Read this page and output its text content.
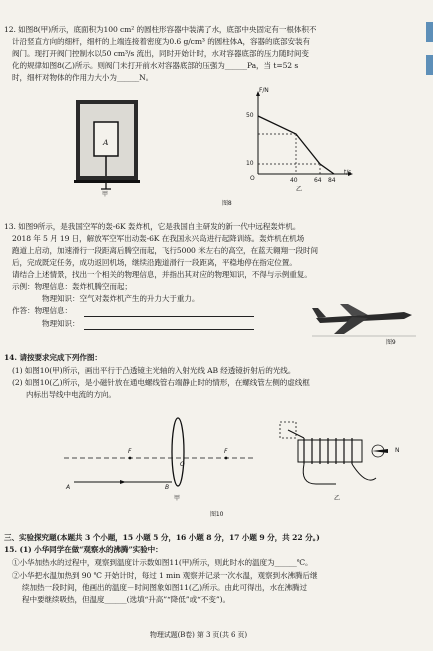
12. 如图8(甲)所示，底面积为100 cm² 的圆柱形容器中装满了水，底部中央固定有一根体积不
计沿竖直方向的细杆，细杆的上端连接着密度为0.6 g/cm³ 的圆柱体A，容器的底部安装有
阀门。现打开阀门控制水以50 cm³/s 流出，同时开始计时，水对容器底部的压力随时间变
化的规律如图8(乙)所示。则阀门未打开前水对容器底部的压强为______Pa，当 t=52 s
时，细杆对物体的作用力大小为______N。
A
甲
F/N
50
10
O	40	64 84
t/s
乙
图8
13. 如图9所示，是我国空军的轰-6K 轰炸机，它是我国自主研发的新一代中远程轰炸机。
2018 年 5 月 19 日，解放军空军出动轰-6K 在我国永兴岛进行起降训练。轰炸机在机场
跑道上启动，加速滑行一段距离后腾空而起，飞行5000 米左右的高空，在蓝天翱翔一段时间
后，完成既定任务，成功返回机场，继续沿跑道滑行一段距离，平稳地停在指定位置。
请结合上述情景，找出一个相关的物理信息，并指出其对应的物理知识，不得与示例重复。
示例：物理信息：轰炸机腾空而起；
物理知识：空气对轰炸机产生的升力大于重力。
作答：物理信息：
物理知识：
图9
14. 请按要求完成下列作图：
(1) 如图10(甲)所示，画出平行于凸透镜主光轴的入射光线 AB 经透镜折射后的光线。
(2) 如图10(乙)所示，是小磁针放在通电螺线管右端静止时的情形，在螺线管左侧的虚线框
内标出导线中电流的方向。
F	F
A	B
O
甲
N
乙
图10
三、实验探究题(本题共 3 个小题，15 小题 5 分，16 小题 8 分，17 小题 9 分，共 22 分。)
15. (1) 小华同学在做“观察水的沸腾”实验中：
①小华加热水的过程中，观察到温度计示数如图11(甲)所示，则此时水的温度为______℃。
②小华把水温加热到 90 ℃ 开始计时，每过 1 min 观察并记录一次水温，观察到水沸腾后继
续加热一段时间，他画出的温度－时间图象如图11(乙)所示。由此可得出，水在沸腾过
程中要继续吸热，但温度______(选填“升高”“降低”或“不变”)。
物理试题(B卷) 第 3 页(共 6 页)
